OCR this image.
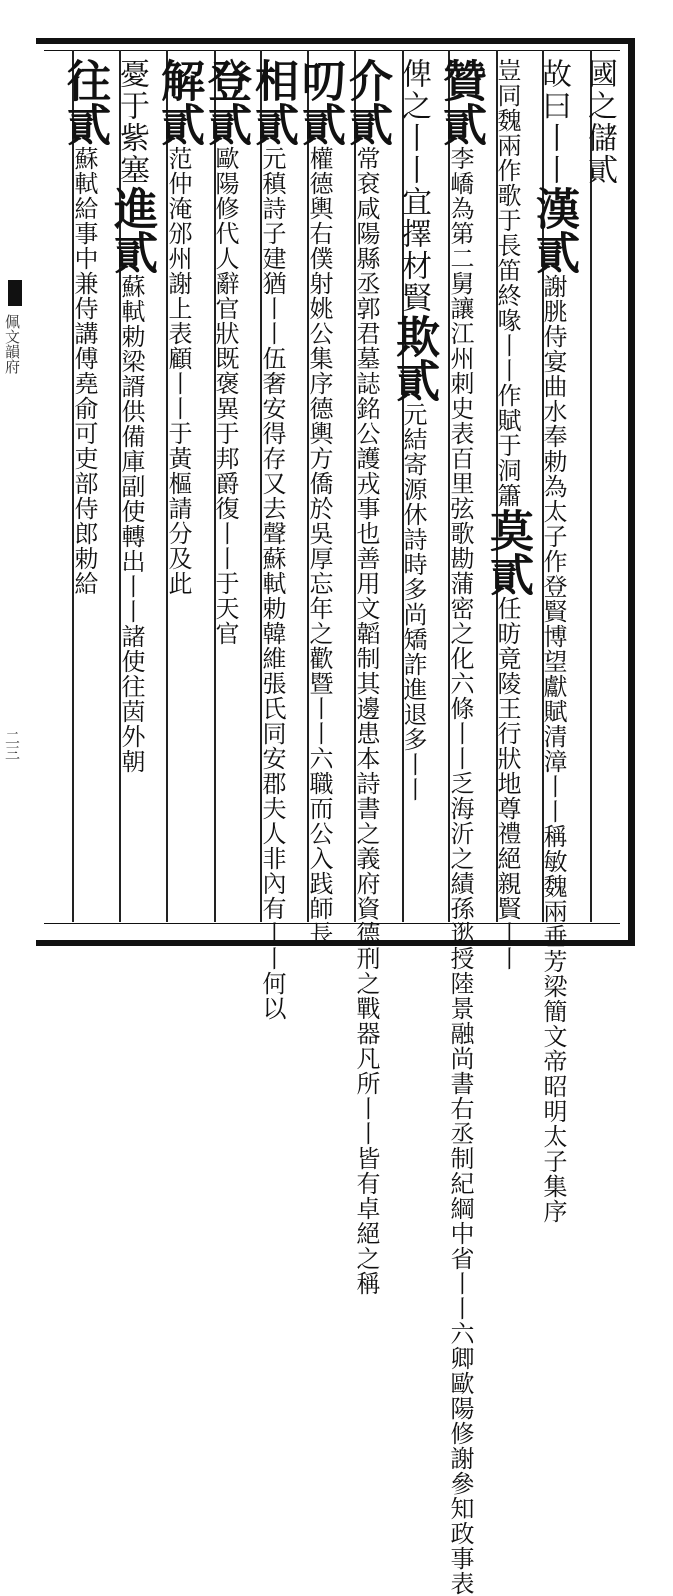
國之儲貳
故曰丨丨漢貳謝朓侍宴曲水奉勅為太子作登賢博望獻賦清漳丨丨稱敏魏兩垂芳梁簡文帝昭明太子集序
豈同魏兩作歌于長笛終喙丨丨作賦于洞簫莫貳任昉竟陵王行狀地尊禮絕親賢丨丨
贊貳李嶠為第二舅讓江州刺史表百里弦歌勘蒲密之化六條丨丨乏海沂之績孫逖授陸景融尚書右丞制紀綱中省丨丨六卿歐陽修謝參知政事表
俾之丨丨宜擇材賢欺貳元結寄源休詩時多尚矯詐進退多丨丨
介貳常袞咸陽縣丞郭君墓誌銘公護戎事也善用文韜制其邊患本詩書之義府資德刑之戰器凡所丨丨皆有卓絕之稱
叨貳權德輿右僕射姚公集序德輿方僑於吳厚忘年之歡暨丨丨六職而公入践師長
相貳元稹詩子建猶丨丨伍奢安得存又去聲蘇軾勅韓維張氏同安郡夫人非內有丨丨何以
登貳歐陽修代人辭官狀既褒異于邦爵復丨丨于天官
解貳范仲淹邠州謝上表顧丨丨于黃樞請分及此
憂于紫塞進貳蘇軾勅梁諝供備庫副使轉出丨丨諸使往茵外朝
往貳蘇軾給事中兼侍講傅堯俞可吏部侍郎勅給
佩文韻府
二三
